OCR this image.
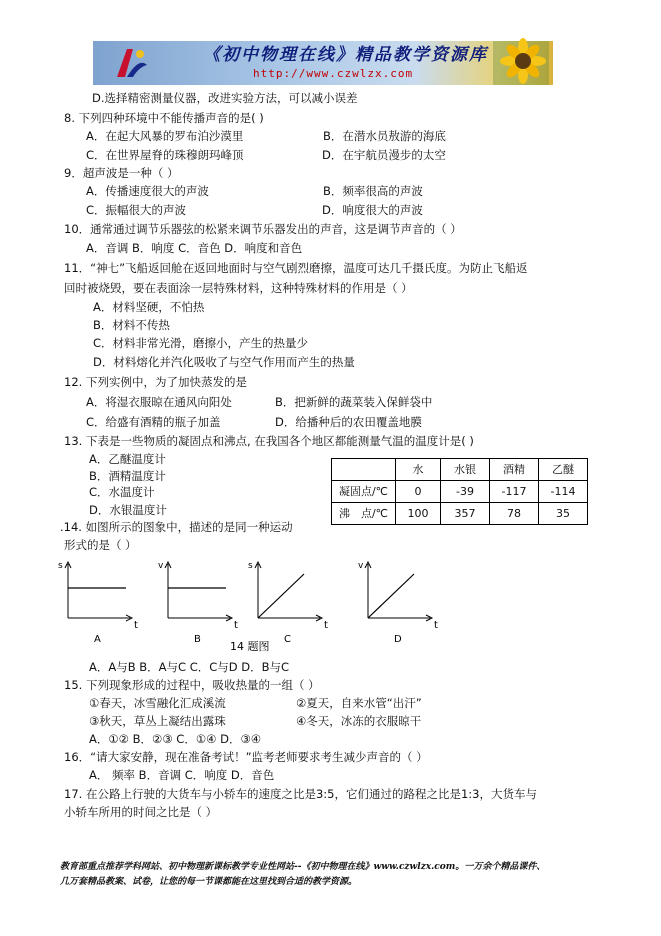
《初中物理在线》精品教学资源库
http://www.czwlzx.com
D.选择精密测量仪器，改进实验方法，可以减小误差
8. 下列四种环境中不能传播声音的是( )
A．在起大风暴的罗布泊沙漠里	B．在潜水员敖游的海底
C．在世界屋脊的珠穆朗玛峰顶	D．在宇航员漫步的太空
9．超声波是一种（ ）
A．传播速度很大的声波	B．频率很高的声波
C．振幅很大的声波	D．响度很大的声波
10．通常通过调节乐器弦的松紧来调节乐器发出的声音，这是调节声音的（ ）
A．音调 B．响度 C．音色 D．响度和音色
11．“神七”飞船返回舱在返回地面时与空气剧烈磨擦，温度可达几千摄氏度。为防止飞船返
回时被烧毁，要在表面涂一层特殊材料，这种特殊材料的作用是（ ）
A．材料坚硬，不怕热
B．材料不传热
C．材料非常光滑，磨擦小，产生的热量少
D．材料熔化并汽化吸收了与空气作用而产生的热量
12. 下列实例中，为了加快蒸发的是
A．将湿衣服晾在通风向阳处	B．把新鲜的蔬菜装入保鲜袋中
C．给盛有酒精的瓶子加盖	D．给播种后的农田覆盖地膜
13. 下表是一些物质的凝固点和沸点, 在我国各个地区都能测量气温的温度计是( )
A．乙醚温度计
B．酒精温度计
C．水温度计
D．水银温度计
.14. 如图所示的图象中，描述的是同一种运动
形式的是（ ）
A．A与B B．A与C C．C与D D．B与C
15. 下列现象形成的过程中，吸收热量的一组（ ）
①春天，冰雪融化汇成溪流	②夏天，自来水管“出汗”
③秋天，草丛上凝结出露珠	④冬天，冰冻的衣服晾干
A．①② B．②③ C．①④ D．③④
16．“请大家安静，现在准备考试！”监考老师要求考生减少声音的（ ）
A． 频率 B．音调 C．响度 D．音色
17. 在公路上行驶的大货车与小轿车的速度之比是3:5，它们通过的路程之比是1:3，大货车与
小轿车所用的时间之比是（ ）
	水	水银	酒精	乙醚
凝固点/℃	0	-39	-117	-114
沸　点/℃	100	357	78	35
s
t
A
v
t
B
s
t
C
v
t
D
14 题图
教育部重点推荐学科网站、初中物理新课标教学专业性网站--《初中物理在线》www.czwlzx.com。一万余个精品课件、
几万套精品教案、试卷，让您的每一节课都能在这里找到合适的教学资源。
